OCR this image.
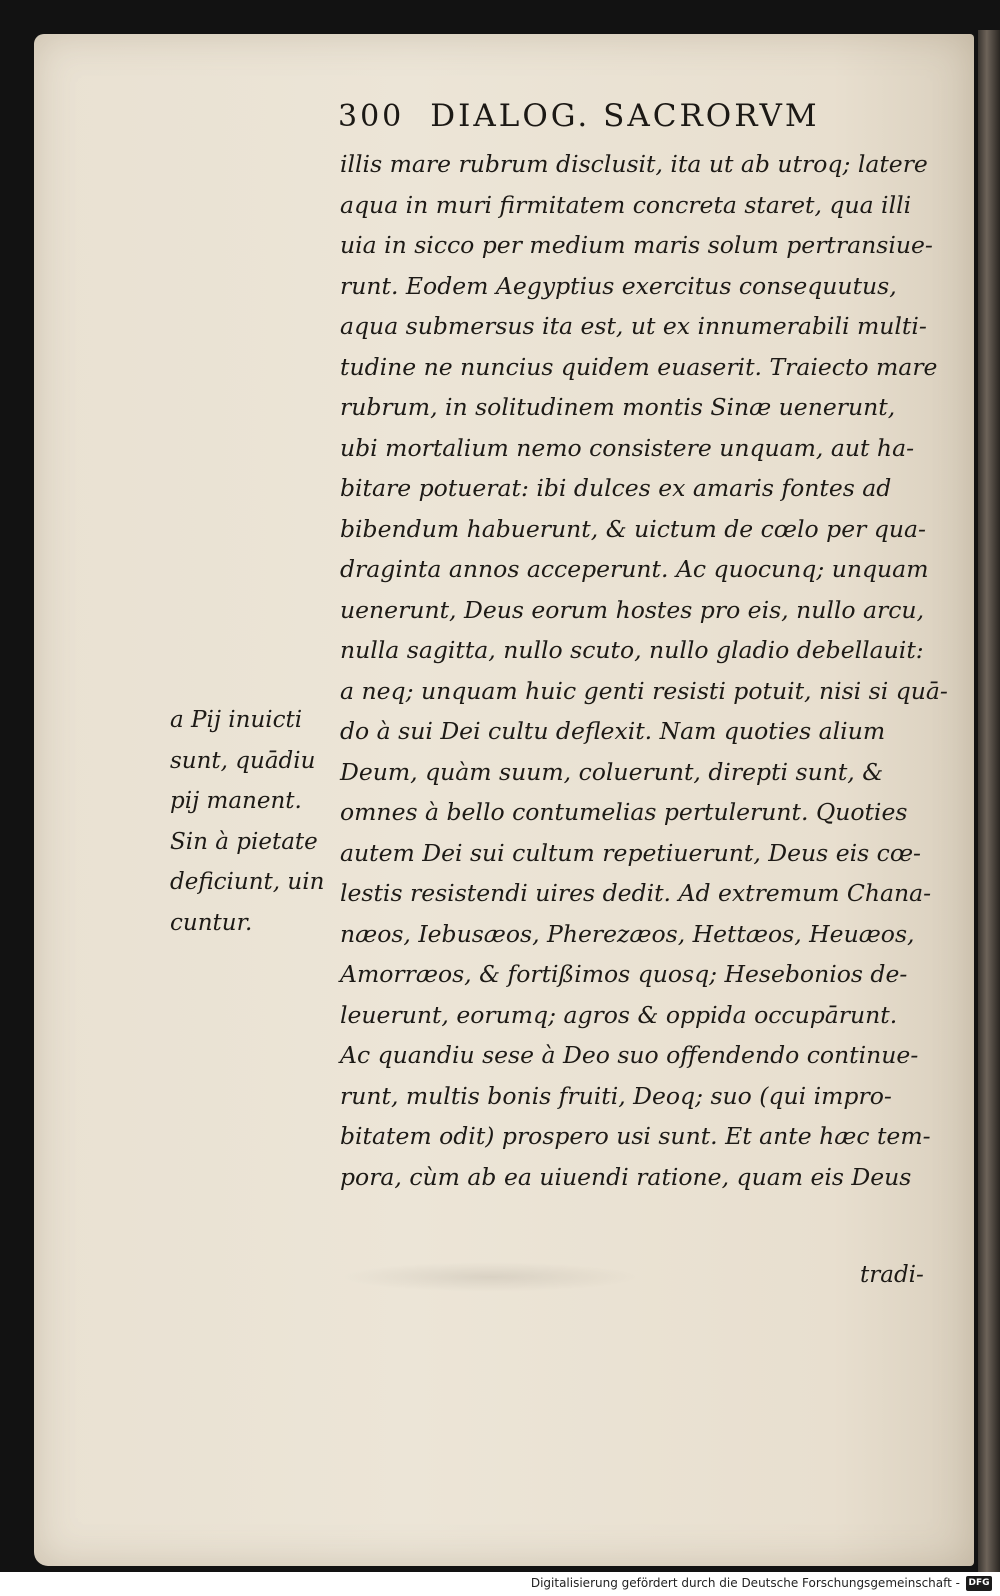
300 DIALOG. SACRORVM
illis mare rubrum disclusit, ita ut ab utroq; latere
aqua in muri firmitatem concreta staret, qua illi
uia in sicco per medium maris solum pertransiue-
runt. Eodem Aegyptius exercitus consequutus,
aqua submersus ita est, ut ex innumerabili multi-
tudine ne nuncius quidem euaserit. Traiecto mare
rubrum, in solitudinem montis Sinæ uenerunt,
ubi mortalium nemo consistere unquam, aut ha-
bitare potuerat: ibi dulces ex amaris fontes ad
bibendum habuerunt, & uictum de cœlo per qua-
draginta annos acceperunt. Ac quocunq; unquam
uenerunt, Deus eorum hostes pro eis, nullo arcu,
nulla sagitta, nullo scuto, nullo gladio debellauit:
a neq; unquam huic genti resisti potuit, nisi si quā-
do à sui Dei cultu deflexit. Nam quoties alium
Deum, quàm suum, coluerunt, direpti sunt, &
omnes à bello contumelias pertulerunt. Quoties
autem Dei sui cultum repetiuerunt, Deus eis cœ-
lestis resistendi uires dedit. Ad extremum Chana-
næos, Iebusæos, Pherezæos, Hettæos, Heuæos,
Amorræos, & fortißimos quosq; Hesebonios de-
leuerunt, eorumq; agros & oppida occupārunt.
Ac quandiu sese à Deo suo offendendo continue-
runt, multis bonis fruiti, Deoq; suo (qui impro-
bitatem odit) prospero usi sunt. Et ante hæc tem-
pora, cùm ab ea uiuendi ratione, quam eis Deus
tradi-
a Pij inuicti
sunt, quādiu
pij manent.
Sin à pietate
deficiunt, uin
cuntur.
Digitalisierung gefördert durch die Deutsche Forschungsgemeinschaft - DFG
